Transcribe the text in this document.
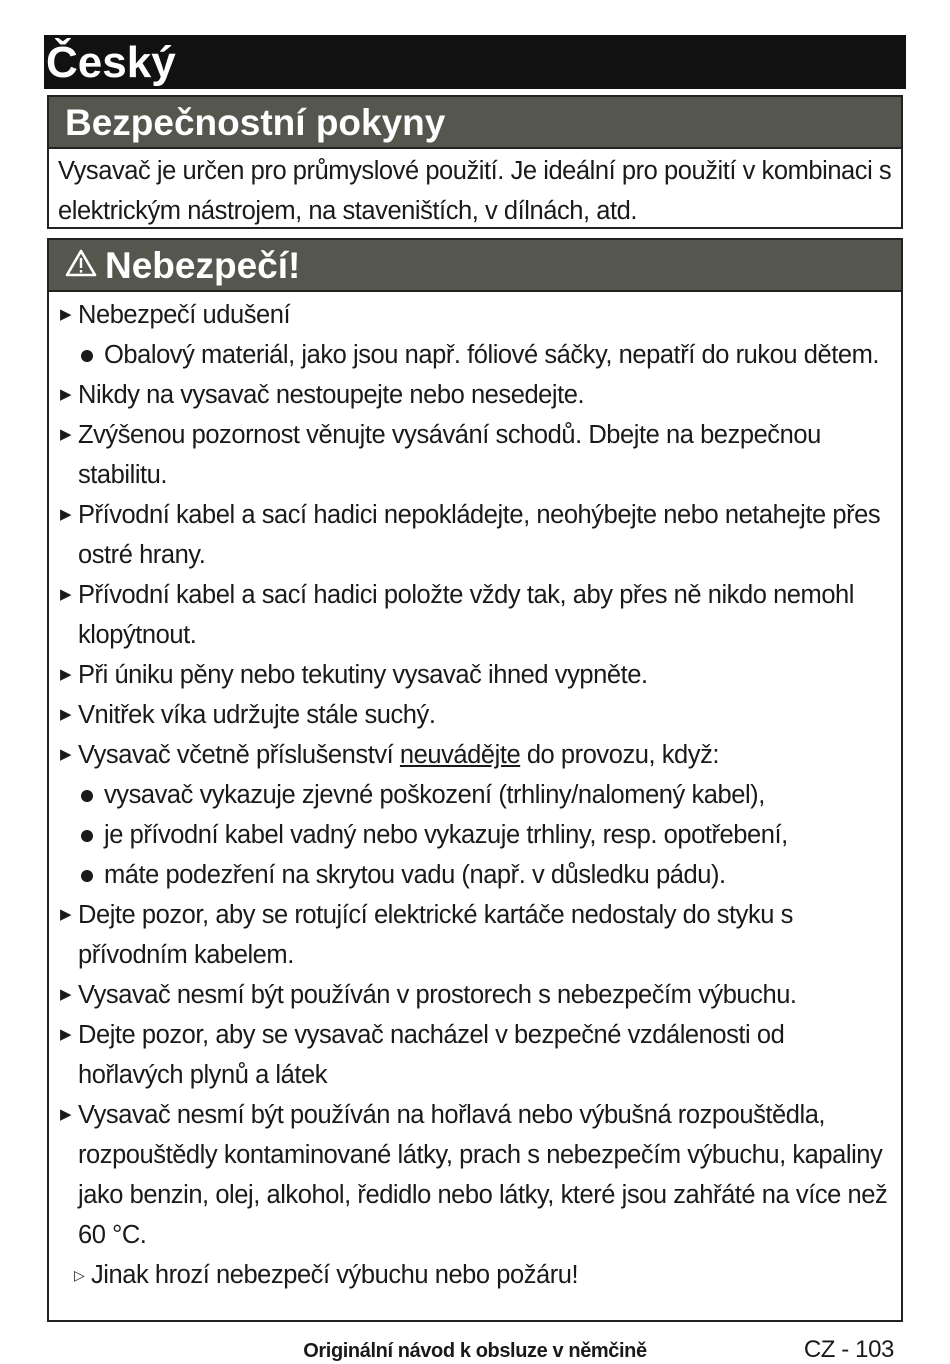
Český
Bezpečnostní pokyny
Vysavač je určen pro průmyslové použití. Je ideální pro použití v kombinaci s elektrickým nástrojem, na staveništích, v dílnách, atd.
Nebezpečí!
▶ Nebezpečí udušení
Obalový materiál, jako jsou např. fóliové sáčky, nepatří do rukou dětem.
▶ Nikdy na vysavač nestoupejte nebo nesedejte.
▶ Zvýšenou pozornost věnujte vysávání schodů. Dbejte na bezpečnou stabilitu.
▶ Přívodní kabel a sací hadici nepokládejte, neohýbejte nebo netahejte přes ostré hrany.
▶ Přívodní kabel a sací hadici položte vždy tak, aby přes ně nikdo nemohl klopýtnout.
▶ Při úniku pěny nebo tekutiny vysavač ihned vypněte.
▶ Vnitřek víka udržujte stále suchý.
▶ Vysavač včetně příslušenství neuvádějte do provozu, když:
vysavač vykazuje zjevné poškození (trhliny/nalomený kabel),
je přívodní kabel vadný nebo vykazuje trhliny, resp. opotřebení,
máte podezření na skrytou vadu (např. v důsledku pádu).
▶ Dejte pozor, aby se rotující elektrické kartáče nedostaly do styku s přívodním kabelem.
▶ Vysavač nesmí být používán v prostorech s nebezpečím výbuchu.
▶ Dejte pozor, aby se vysavač nacházel v bezpečné vzdálenosti od hořlavých plynů a látek
▶ Vysavač nesmí být používán na hořlavá nebo výbušná rozpouštědla, rozpouštědly kontaminované látky, prach s nebezpečím výbuchu, kapaliny jako benzin, olej, alkohol, ředidlo nebo látky, které jsou zahřáté na více než 60 °C.
▷ Jinak hrozí nebezpečí výbuchu nebo požáru!
Originální návod k obsluze v němčině	CZ - 103
